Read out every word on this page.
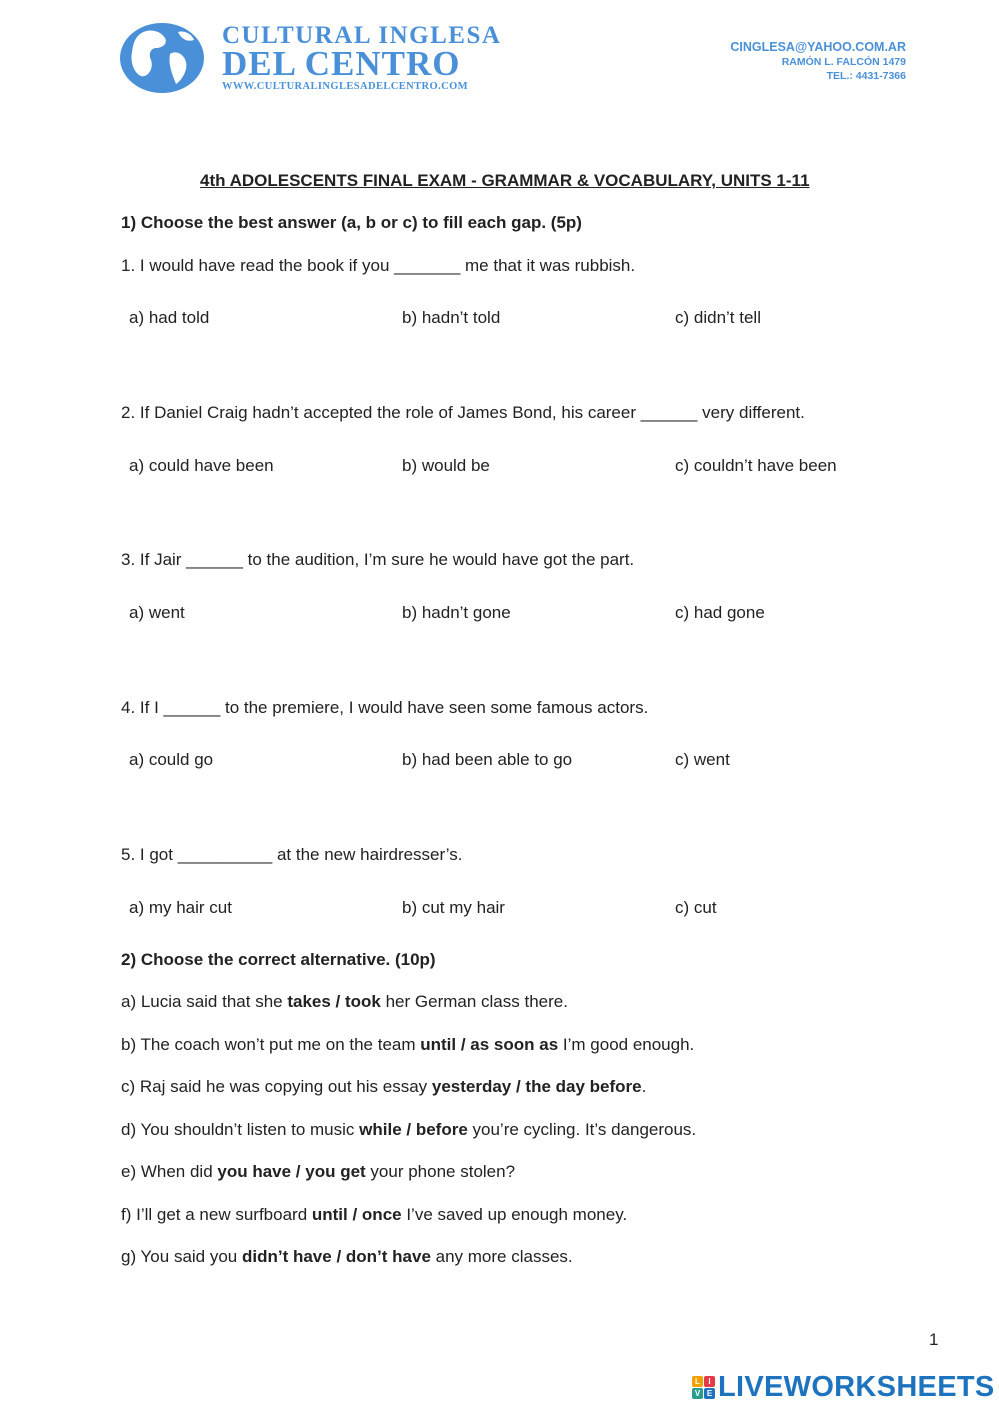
CULTURAL INGLESA
DEL CENTRO
WWW.CULTURALINGLESADELCENTRO.COM
CINGLESA@YAHOO.COM.AR
RAMÓN L. FALCÓN 1479
TEL.: 4431-7366
4th ADOLESCENTS FINAL EXAM - GRAMMAR & VOCABULARY, UNITS 1-11
1) Choose the best answer (a, b or c) to fill each gap. (5p)
1. I would have read the book if you _______ me that it was rubbish.
a) had told	b) hadn’t told	c) didn’t tell
2. If Daniel Craig hadn’t accepted the role of James Bond, his career ______ very different.
a) could have been	b) would be	c) couldn’t have been
3. If Jair ______ to the audition, I’m sure he would have got the part.
a) went	b) hadn’t gone	c) had gone
4. If I ______ to the premiere, I would have seen some famous actors.
a) could go	b) had been able to go	c) went
5. I got __________ at the new hairdresser’s.
a) my hair cut	b) cut my hair	c) cut
2) Choose the correct alternative. (10p)
a) Lucia said that she takes / took her German class there.
b) The coach won’t put me on the team until / as soon as I’m good enough.
c) Raj said he was copying out his essay yesterday / the day before.
d) You shouldn’t listen to music while / before you’re cycling. It’s dangerous.
e) When did you have / you get your phone stolen?
f) I’ll get a new surfboard until / once I’ve saved up enough money.
g) You said you didn’t have / don’t have any more classes.
1
L	I
V E LIVEWORKSHEETS
